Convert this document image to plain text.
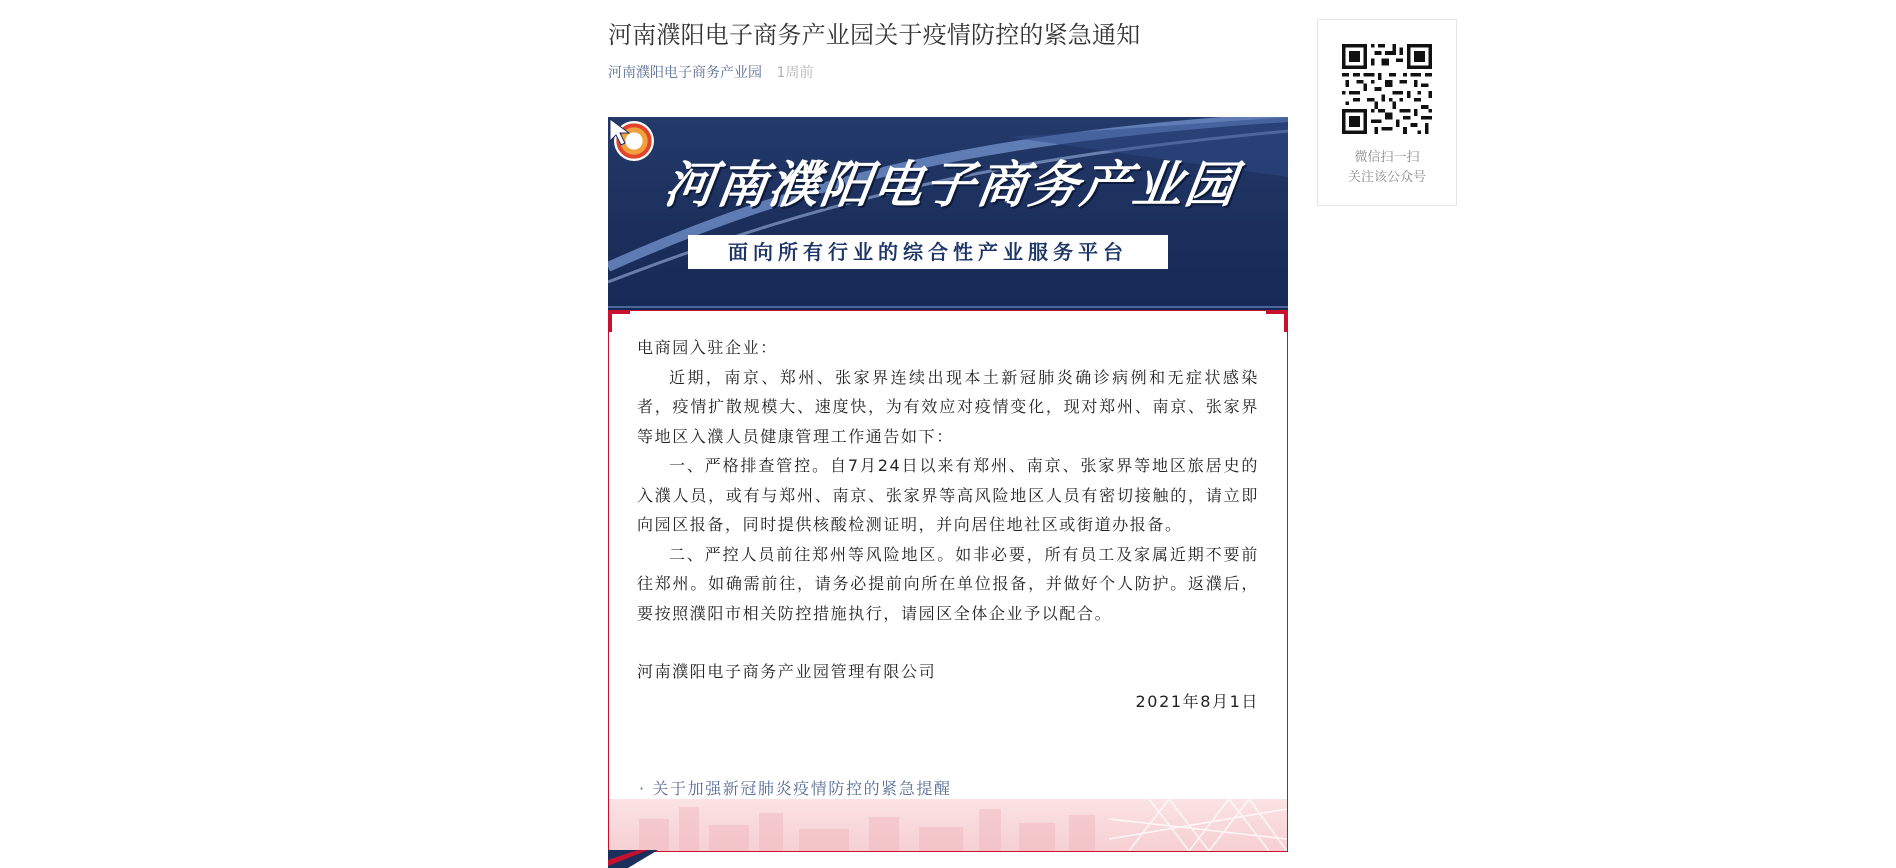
河南濮阳电子商务产业园关于疫情防控的紧急通知
河南濮阳电子商务产业园 1周前
河南濮阳电子商务产业园
面向所有行业的综合性产业服务平台

电商园入驻企业：

近期，南京、郑州、张家界连续出现本土新冠肺炎确诊病例和无症状感染者，疫情扩散规模大、速度快，为有效应对疫情变化，现对郑州、南京、张家界等地区入濮人员健康管理工作通告如下：

一、严格排查管控。自7月24日以来有郑州、南京、张家界等地区旅居史的入濮人员，或有与郑州、南京、张家界等高风险地区人员有密切接触的，请立即向园区报备，同时提供核酸检测证明，并向居住地社区或街道办报备。

二、严控人员前往郑州等风险地区。如非必要，所有员工及家属近期不要前往郑州。如确需前往，请务必提前向所在单位报备，并做好个人防护。返濮后，要按照濮阳市相关防控措施执行，请园区全体企业予以配合。

河南濮阳电子商务产业园管理有限公司

2021年8月1日

· 关于加强新冠肺炎疫情防控的紧急提醒
微信扫一扫
关注该公众号
